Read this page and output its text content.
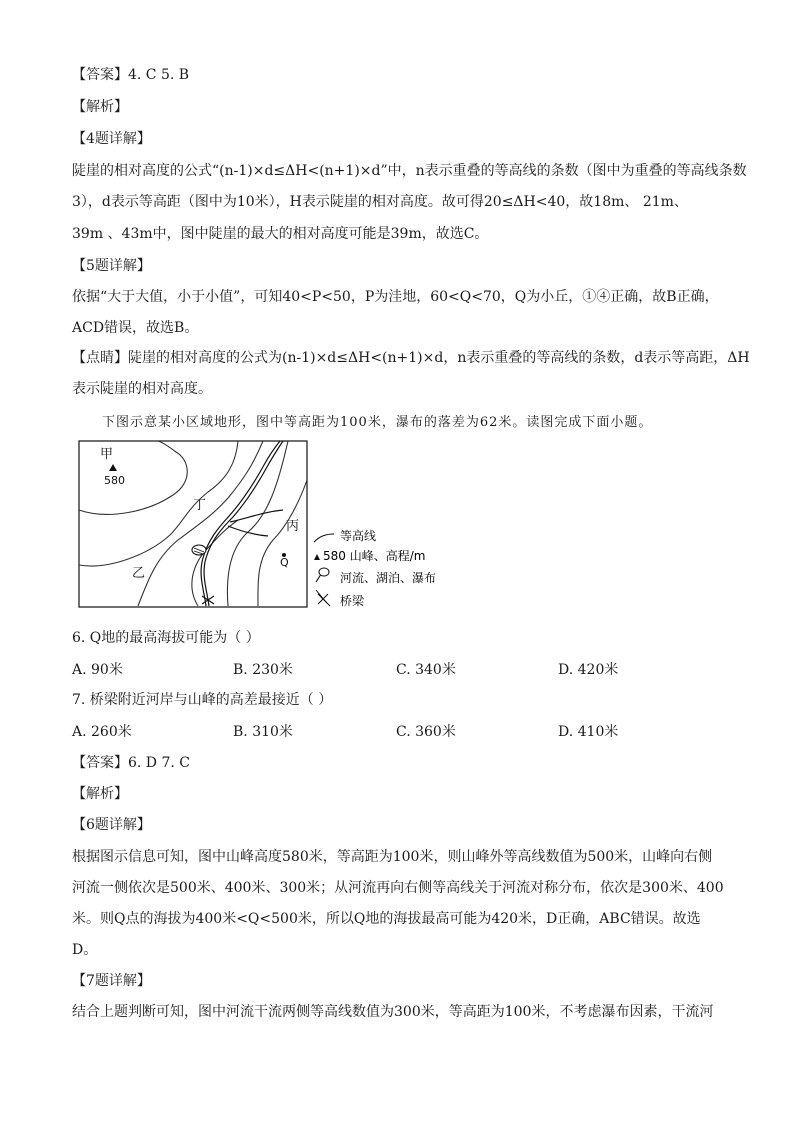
【答案】4. C 5. B
【解析】
【4题详解】
陡崖的相对高度的公式“(n-1)×d≤ΔH<(n+1)×d”中，n表示重叠的等高线的条数（图中为重叠的等高线条数
3），d表示等高距（图中为10米），H表示陡崖的相对高度。故可得20≤ΔH<40，故18m、 21m、
39m 、43m中，图中陡崖的最大的相对高度可能是39m，故选C。
【5题详解】
依据“大于大值，小于小值”，可知40<P<50，P为洼地，60<Q<70，Q为小丘，①④正确，故B正确，
ACD错误，故选B。
【点睛】陡崖的相对高度的公式为(n-1)×d≤ΔH<(n+1)×d，n表示重叠的等高线的条数，d表示等高距，ΔH
表示陡崖的相对高度。
下图示意某小区域地形，图中等高距为100米，瀑布的落差为62米。读图完成下面小题。
甲
580
丁
丙
乙
Q
等高线
580 山峰、高程/m
河流、湖泊、瀑布
桥梁
6. Q地的最高海拔可能为（ ）
A. 90米	B. 230米	C. 340米	D. 420米
7. 桥梁附近河岸与山峰的高差最接近（ ）
A. 260米	B. 310米	C. 360米	D. 410米
【答案】6. D 7. C
【解析】
【6题详解】
根据图示信息可知，图中山峰高度580米，等高距为100米，则山峰外等高线数值为500米，山峰向右侧
河流一侧依次是500米、400米、300米；从河流再向右侧等高线关于河流对称分布，依次是300米、400
米。则Q点的海拔为400米<Q<500米，所以Q地的海拔最高可能为420米，D正确，ABC错误。故选
D。
【7题详解】
结合上题判断可知，图中河流干流两侧等高线数值为300米，等高距为100米，不考虑瀑布因素，干流河
